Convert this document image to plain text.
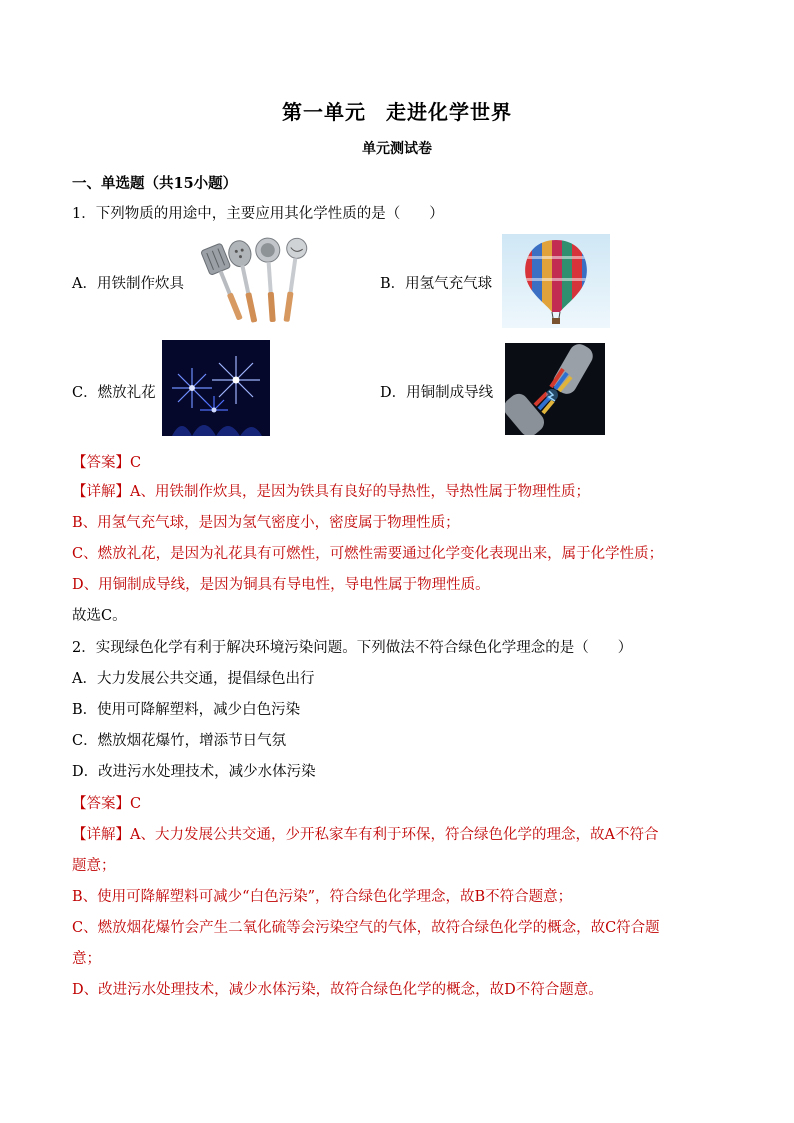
第一单元 走进化学世界
单元测试卷
一、单选题（共15小题）
1．下列物质的用途中，主要应用其化学性质的是（　　）
A．用铁制作炊具	B．用氢气充气球
C．燃放礼花	D．用铜制成导线
【答案】C
【详解】A、用铁制作炊具，是因为铁具有良好的导热性，导热性属于物理性质；
B、用氢气充气球，是因为氢气密度小，密度属于物理性质；
C、燃放礼花，是因为礼花具有可燃性，可燃性需要通过化学变化表现出来，属于化学性质；
D、用铜制成导线，是因为铜具有导电性，导电性属于物理性质。
故选C。
2．实现绿色化学有利于解决环境污染问题。下列做法不符合绿色化学理念的是（　　）
A．大力发展公共交通，提倡绿色出行
B．使用可降解塑料，减少白色污染
C．燃放烟花爆竹，增添节日气氛
D．改进污水处理技术，减少水体污染
【答案】C
【详解】A、大力发展公共交通，少开私家车有利于环保，符合绿色化学的理念，故A不符合
题意；
B、使用可降解塑料可减少“白色污染”，符合绿色化学理念，故B不符合题意；
C、燃放烟花爆竹会产生二氧化硫等会污染空气的气体，故符合绿色化学的概念，故C符合题
意；
D、改进污水处理技术，减少水体污染，故符合绿色化学的概念，故D不符合题意。
